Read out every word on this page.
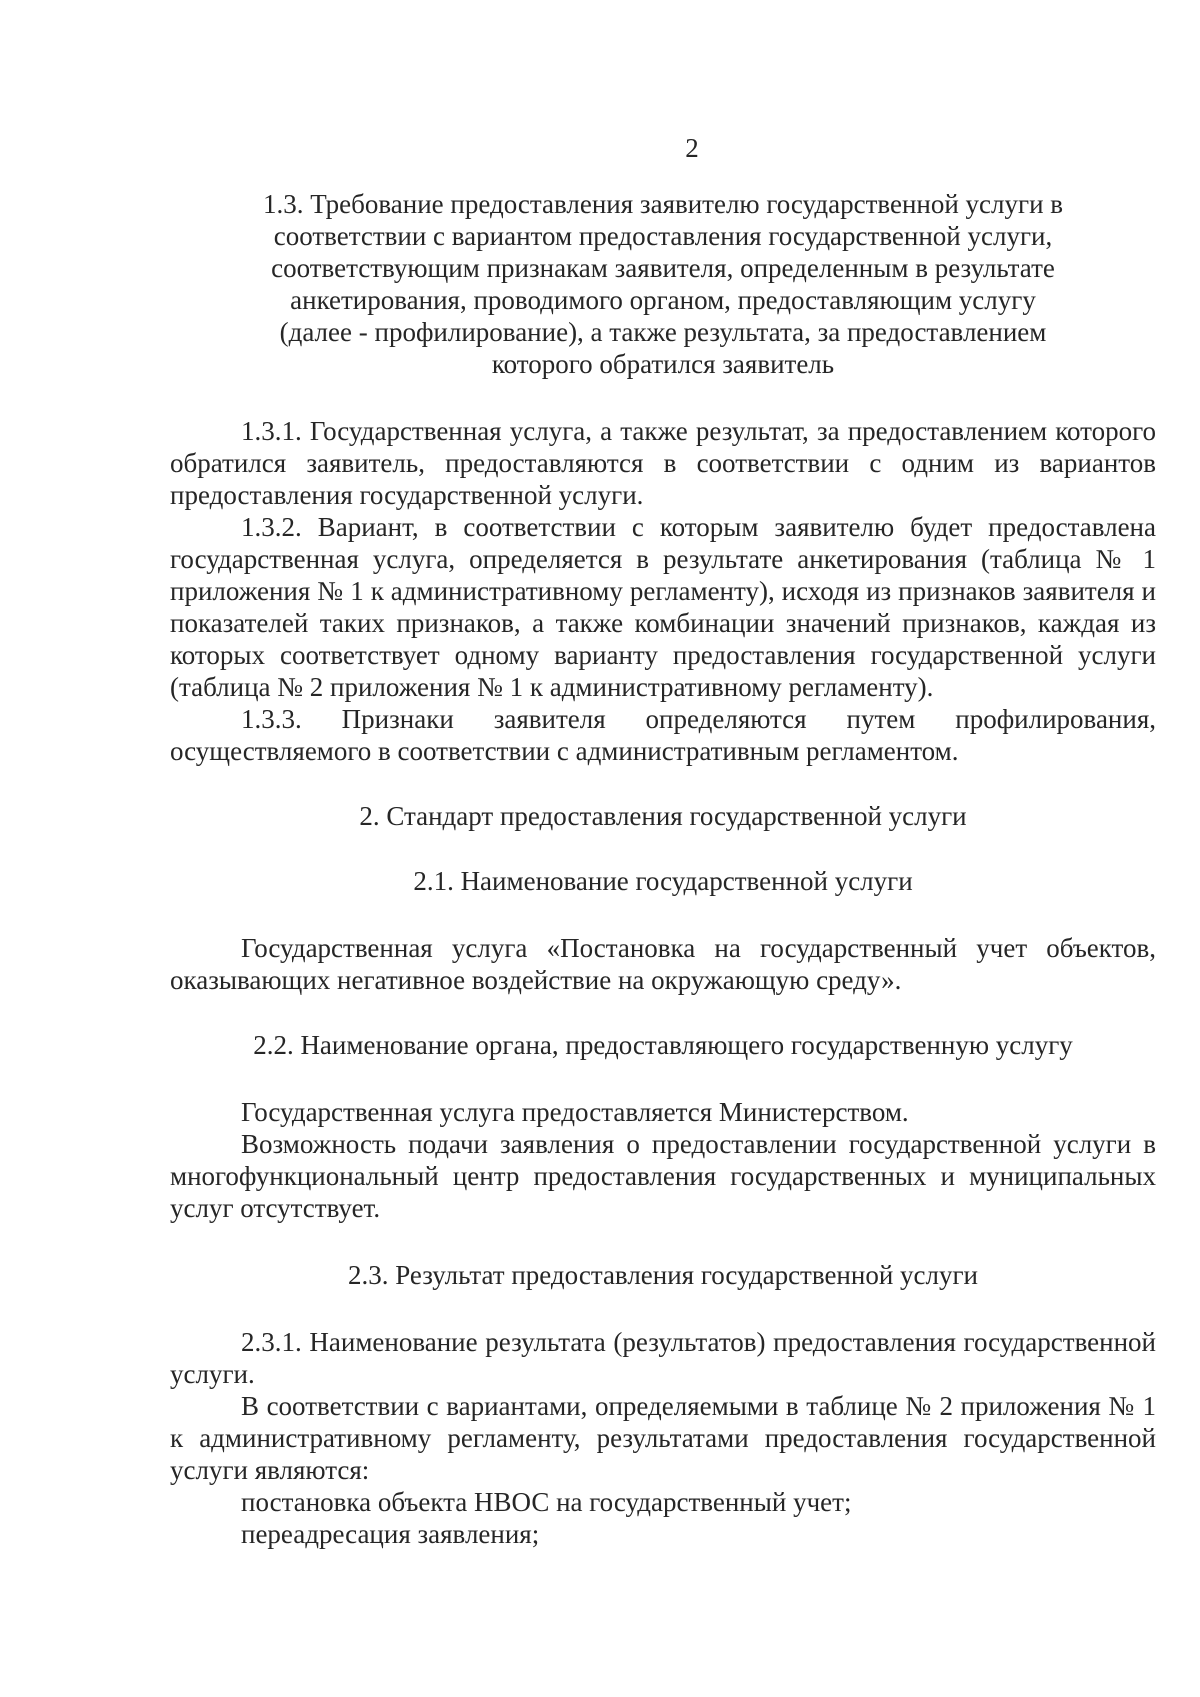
2
1.3. Требование предоставления заявителю государственной услуги в
соответствии с вариантом предоставления государственной услуги,
соответствующим признакам заявителя, определенным в результате
анкетирования, проводимого органом, предоставляющим услугу
(далее - профилирование), а также результата, за предоставлением
которого обратился заявитель

1.3.1. Государственная услуга, а также результат, за предоставлением которого обратился заявитель, предоставляются в соответствии с одним из вариантов предоставления государственной услуги.

1.3.2. Вариант, в соответствии с которым заявителю будет предоставлена государственная услуга, определяется в результате анкетирования (таблица № 1 приложения № 1 к административному регламенту), исходя из признаков заявителя и показателей таких признаков, а также комбинации значений признаков, каждая из которых соответствует одному варианту предоставления государственной услуги (таблица № 2 приложения № 1 к административному регламенту).

1.3.3. Признаки заявителя определяются путем профилирования, осуществляемого в соответствии с административным регламентом.

2. Стандарт предоставления государственной услуги
2.1. Наименование государственной услуги

Государственная услуга «Постановка на государственный учет объектов, оказывающих негативное воздействие на окружающую среду».

2.2. Наименование органа, предоставляющего государственную услугу

Государственная услуга предоставляется Министерством.

Возможность подачи заявления о предоставлении государственной услуги в многофункциональный центр предоставления государственных и муниципальных услуг отсутствует.

2.3. Результат предоставления государственной услуги

2.3.1. Наименование результата (результатов) предоставления государственной услуги.

В соответствии с вариантами, определяемыми в таблице № 2 приложения № 1 к административному регламенту, результатами предоставления государственной услуги являются:

постановка объекта НВОС на государственный учет;

переадресация заявления;
